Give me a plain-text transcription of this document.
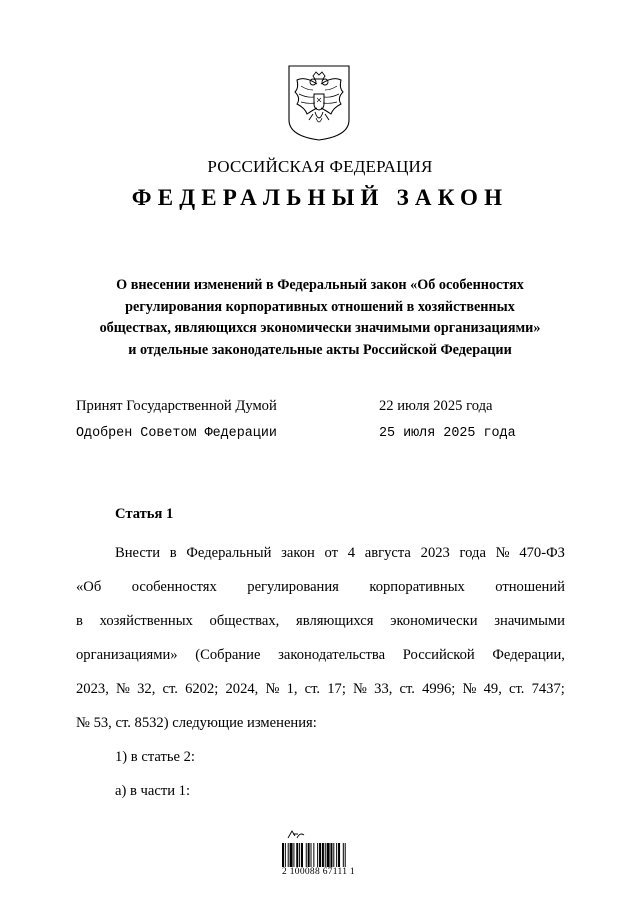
РОССИЙСКАЯ ФЕДЕРАЦИЯ
ФЕДЕРАЛЬНЫЙ ЗАКОН
О внесении изменений в Федеральный закон «Об особенностях
регулирования корпоративных отношений в хозяйственных
обществах, являющихся экономически значимыми организациями»
и отдельные законодательные акты Российской Федерации
Принят Государственной Думой	22 июля 2025 года
Одобрен Советом Федерации	25 июля 2025 года
Статья 1
Внести в Федеральный закон от 4 августа 2023 года № 470-ФЗ
«Об особенностях регулирования корпоративных отношений
в хозяйственных обществах, являющихся экономически значимыми
организациями» (Собрание законодательства Российской Федерации,
2023, № 32, ст. 6202; 2024, № 1, ст. 17; № 33, ст. 4996; № 49, ст. 7437;
№ 53, ст. 8532) следующие изменения:
1) в статье 2:
а) в части 1:
2 100088 67111 1
